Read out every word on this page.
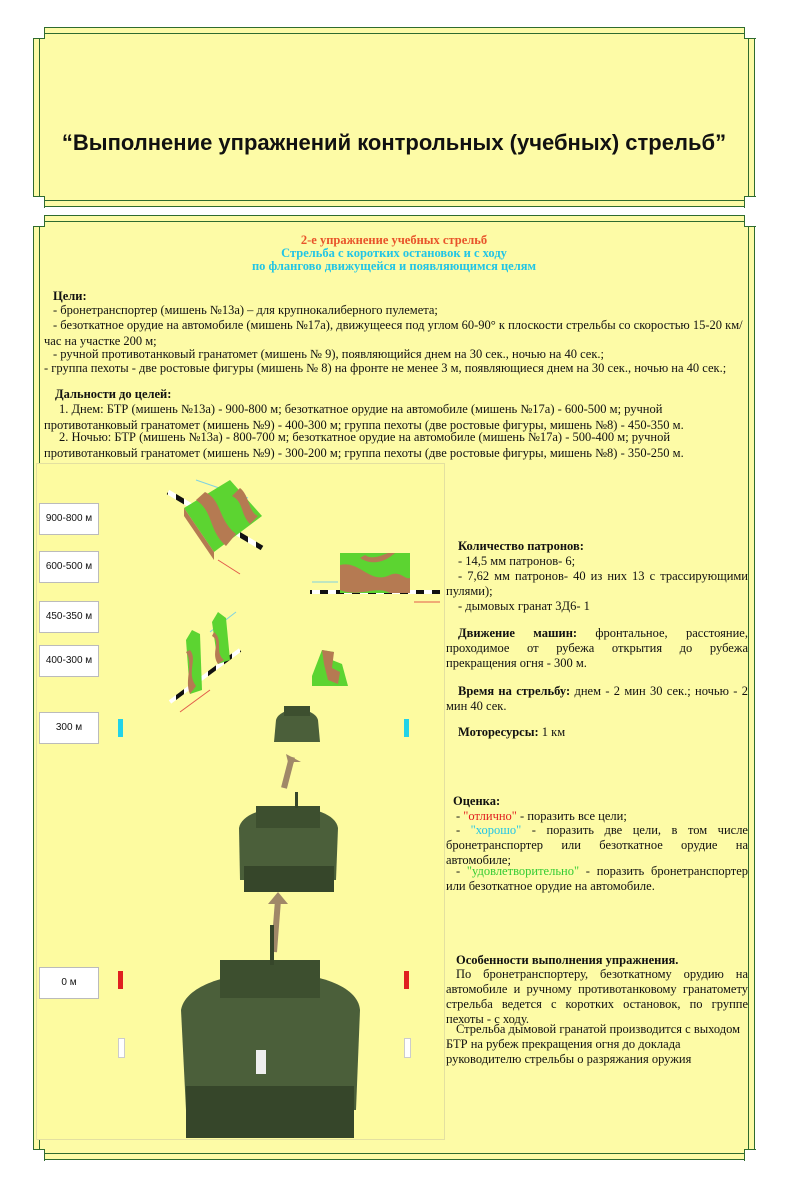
“Выполнение упражнений контрольных (учебных) стрельб”
2-е упражнение учебных стрельб
Стрельба с коротких остановок и с ходу
по флангово движущейся и появляющимся целям
Цели:
- бронетранспортер (мишень №13а) – для крупнокалиберного пулемета;
- безоткатное орудие на автомобиле (мишень №17а), движущееся под углом 60-90° к плоскости стрельбы со скоростью 15-20 км/час на участке 200 м;
- ручной противотанковый гранатомет (мишень № 9), появляющийся днем на 30 сек., ночью на 40 сек.;
- группа пехоты - две ростовые фигуры (мишень № 8) на фронте не менее 3 м, появляющиеся днем на 30 сек., ночью на 40 сек.;
Дальности до целей:
1. Днем: БТР (мишень №13а) - 900-800 м; безоткатное орудие на автомобиле (мишень №17а) - 600-500 м; ручной противотанковый гранатомет (мишень №9) - 400-300 м; группа пехоты (две ростовые фигуры, мишень №8) - 450-350 м.
2. Ночью: БТР (мишень №13а) - 800-700 м; безоткатное орудие на автомобиле (мишень №17а) - 500-400 м; ручной противотанковый гранатомет (мишень №9) - 300-200 м; группа пехоты (две ростовые фигуры, мишень №8) - 350-250 м.
900-800 м
600-500 м
450-350 м
400-300 м
300 м
0 м
Количество патронов:
- 14,5 мм патронов- 6;
- 7,62 мм патронов- 40 из них 13 с трассирующими пулями);
- дымовых гранат 3Д6- 1
Движение машин: фронтальное, расстояние, проходимое от рубежа открытия до рубежа прекращения огня - 300 м.
Время на стрельбу: днем - 2 мин 30 сек.; ночью - 2 мин 40 сек.
Моторесурсы: 1 км
Оценка:
- "отлично" - поразить все цели;
- "хорошо" - поразить две цели, в том числе бронетранспортер или безоткатное орудие на автомобиле;
- "удовлетворительно" - поразить бронетранспортер или безоткатное орудие на автомобиле.
Особенности выполнения упражнения.
По бронетранспортеру, безоткатному орудию на автомобиле и ручному противотанковому гранатомету стрельба ведется с коротких остановок, по группе пехоты - с ходу.
Стрельба дымовой гранатой производится с выходом БТР на рубеж прекращения огня до доклада руководителю стрельбы о разряжания оружия
